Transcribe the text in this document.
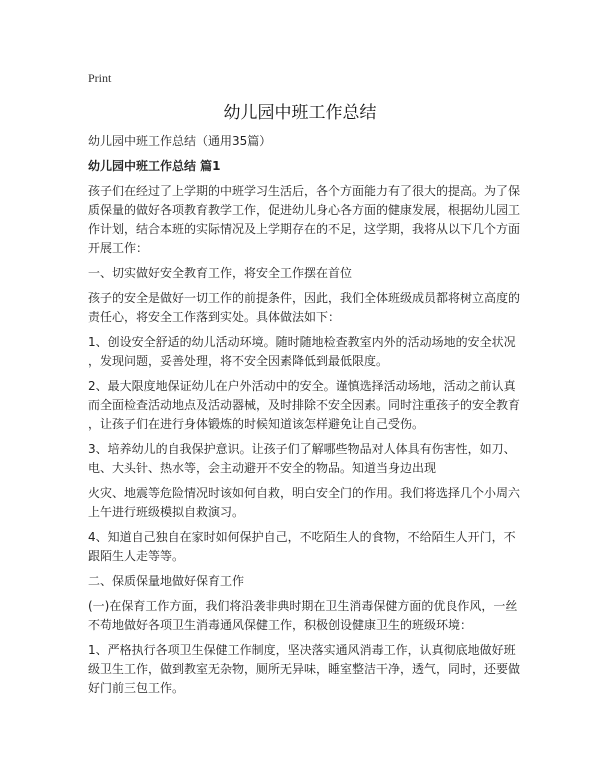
Print
幼儿园中班工作总结
幼儿园中班工作总结（通用35篇）
幼儿园中班工作总结 篇1
孩子们在经过了上学期的中班学习生活后，各个方面能力有了很大的提高。为了保
质保量的做好各项教育教学工作，促进幼儿身心各方面的健康发展，根据幼儿园工
作计划，结合本班的实际情况及上学期存在的不足，这学期，我将从以下几个方面
开展工作：
一、切实做好安全教育工作，将安全工作摆在首位
孩子的安全是做好一切工作的前提条件，因此，我们全体班级成员都将树立高度的
责任心，将安全工作落到实处。具体做法如下：
1、创设安全舒适的幼儿活动环境。随时随地检查教室内外的活动场地的安全状况
，发现问题，妥善处理，将不安全因素降低到最低限度。
2、最大限度地保证幼儿在户外活动中的安全。谨慎选择活动场地，活动之前认真
而全面检查活动地点及活动器械，及时排除不安全因素。同时注重孩子的安全教育
，让孩子们在进行身体锻炼的时候知道该怎样避免让自己受伤。
3、培养幼儿的自我保护意识。让孩子们了解哪些物品对人体具有伤害性，如刀、
电、大头针、热水等，会主动避开不安全的物品。知道当身边出现
火灾、地震等危险情况时该如何自救，明白安全门的作用。我们将选择几个小周六
上午进行班级模拟自救演习。
4、知道自己独自在家时如何保护自己，不吃陌生人的食物，不给陌生人开门，不
跟陌生人走等等。
二、保质保量地做好保育工作
(一)在保育工作方面，我们将沿袭非典时期在卫生消毒保健方面的优良作风，一丝
不苟地做好各项卫生消毒通风保健工作，积极创设健康卫生的班级环境：
1、严格执行各项卫生保健工作制度，坚决落实通风消毒工作，认真彻底地做好班
级卫生工作，做到教室无杂物，厕所无异味，睡室整洁干净，透气，同时，还要做
好门前三包工作。
